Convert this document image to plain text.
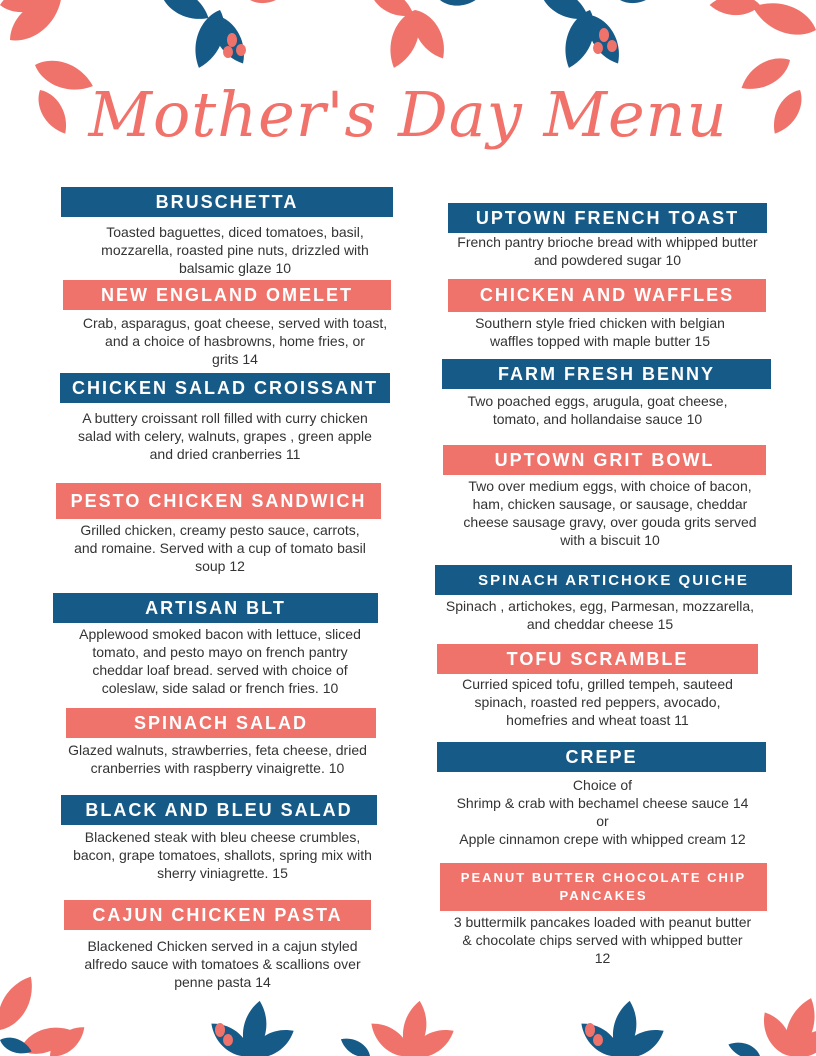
Mother's Day Menu
BRUSCHETTA
Toasted baguettes, diced tomatoes, basil,
mozzarella, roasted pine nuts, drizzled with
balsamic glaze 10
NEW ENGLAND OMELET
Crab, asparagus, goat cheese, served with toast,
and a choice of hasbrowns, home fries, or
grits 14
CHICKEN SALAD CROISSANT
A buttery croissant roll filled with curry chicken
salad with celery, walnuts, grapes , green apple
and dried cranberries 11
PESTO CHICKEN SANDWICH
Grilled chicken, creamy pesto sauce, carrots,
and romaine. Served with a cup of tomato basil
soup 12
ARTISAN BLT
Applewood smoked bacon with lettuce, sliced
tomato, and pesto mayo on french pantry
cheddar loaf bread. served with choice of
coleslaw, side salad or french fries. 10
SPINACH SALAD
Glazed walnuts, strawberries, feta cheese, dried
cranberries with raspberry vinaigrette. 10
BLACK AND BLEU SALAD
Blackened steak with bleu cheese crumbles,
bacon, grape tomatoes, shallots, spring mix with
sherry viniagrette. 15
CAJUN CHICKEN PASTA
Blackened Chicken served in a cajun styled
alfredo sauce with tomatoes & scallions over
penne pasta 14
UPTOWN FRENCH TOAST
French pantry brioche bread with whipped butter
and powdered sugar 10
CHICKEN AND WAFFLES
Southern style fried chicken with belgian
waffles topped with maple butter 15
FARM FRESH BENNY
Two poached eggs, arugula, goat cheese,
tomato, and hollandaise sauce 10
UPTOWN GRIT BOWL
Two over medium eggs, with choice of bacon,
ham, chicken sausage, or sausage, cheddar
cheese sausage gravy, over gouda grits served
with a biscuit 10
SPINACH ARTICHOKE QUICHE
Spinach , artichokes, egg, Parmesan, mozzarella,
and cheddar cheese 15
TOFU SCRAMBLE
Curried spiced tofu, grilled tempeh, sauteed
spinach, roasted red peppers, avocado,
homefries and wheat toast 11
CREPE
Choice of
Shrimp & crab with bechamel cheese sauce 14
or
Apple cinnamon crepe with whipped cream 12
PEANUT BUTTER CHOCOLATE CHIP
PANCAKES
3 buttermilk pancakes loaded with peanut butter
& chocolate chips served with whipped butter
12
